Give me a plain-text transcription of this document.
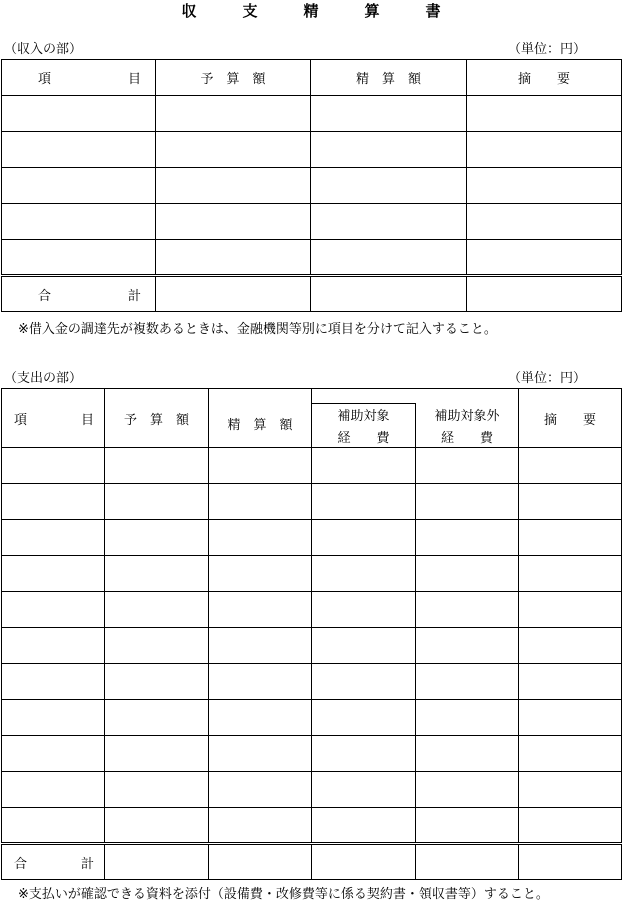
収	支	精	算	書
（収入の部）	（単位：円）
項 目	予　算　額	精　算　額	摘　　要

合 計			

※借入金の調達先が複数あるときは、金融機関等別に項目を分けて記入すること。
（支出の部）	（単位：円）
項 目	予　算　額	精　算　額			摘　　要
			補助対象	補助対象外	
			経　　費	経　　費	

合 計					

※支払いが確認できる資料を添付（設備費・改修費等に係る契約書・領収書等）すること。
